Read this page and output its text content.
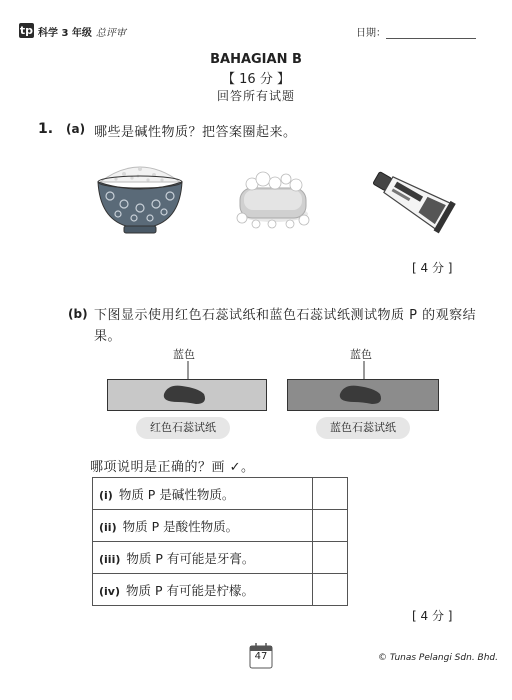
tp 科学 3 年级 总评审	日期：
BAHAGIAN B
【 16 分 】
回答所有试题
1. (a) 哪些是碱性物质？把答案圈起来。
[ 4 分 ]
(b) 下图显示使用红色石蕊试纸和蓝色石蕊试纸测试物质 P 的观察结果。
蓝色	蓝色
红色石蕊试纸	蓝色石蕊试纸
哪项说明是正确的？画 ✓。
(i) 物质 P 是碱性物质。	
(ii) 物质 P 是酸性物质。	
(iii) 物质 P 有可能是牙膏。	
(iv) 物质 P 有可能是柠檬。	
[ 4 分 ]
47	© Tunas Pelangi Sdn. Bhd.
